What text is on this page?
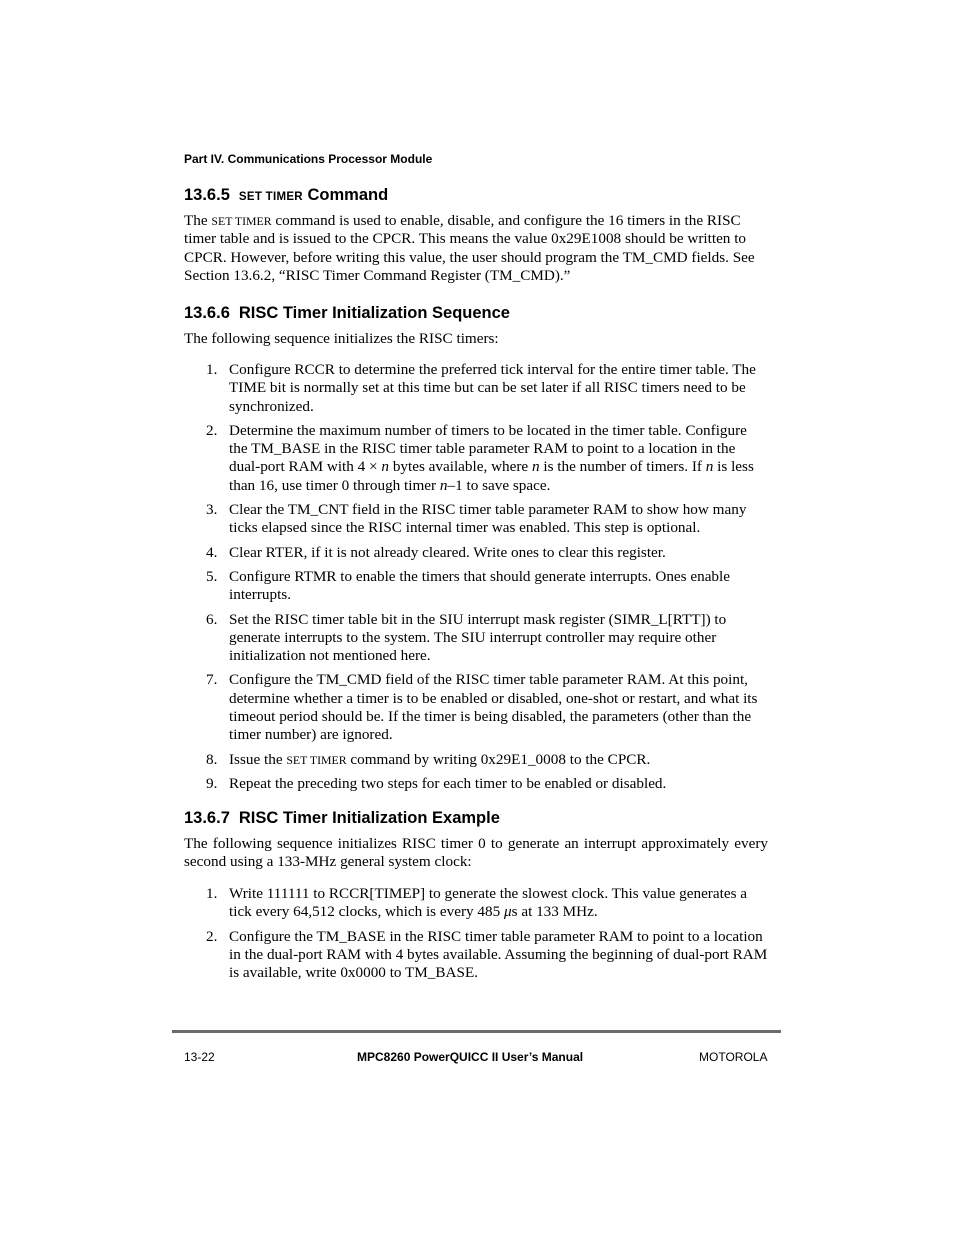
Part IV. Communications Processor Module
13.6.5 SET TIMER Command

The SET TIMER command is used to enable, disable, and configure the 16 timers in the RISC timer table and is issued to the CPCR. This means the value 0x29E1008 should be written to CPCR. However, before writing this value, the user should program the TM_CMD fields. See Section 13.6.2, “RISC Timer Command Register (TM_CMD).”

13.6.6 RISC Timer Initialization Sequence

The following sequence initializes the RISC timers:

1. Configure RCCR to determine the preferred tick interval for the entire timer table. The TIME bit is normally set at this time but can be set later if all RISC timers need to be synchronized.
2. Determine the maximum number of timers to be located in the timer table. Configure the TM_BASE in the RISC timer table parameter RAM to point to a location in the dual-port RAM with 4 × n bytes available, where n is the number of timers. If n is less than 16, use timer 0 through timer n–1 to save space.
3. Clear the TM_CNT field in the RISC timer table parameter RAM to show how many ticks elapsed since the RISC internal timer was enabled. This step is optional.
4. Clear RTER, if it is not already cleared. Write ones to clear this register.
5. Configure RTMR to enable the timers that should generate interrupts. Ones enable interrupts.
6. Set the RISC timer table bit in the SIU interrupt mask register (SIMR_L[RTT]) to generate interrupts to the system. The SIU interrupt controller may require other initialization not mentioned here.
7. Configure the TM_CMD field of the RISC timer table parameter RAM. At this point, determine whether a timer is to be enabled or disabled, one-shot or restart, and what its timeout period should be. If the timer is being disabled, the parameters (other than the timer number) are ignored.
8. Issue the SET TIMER command by writing 0x29E1_0008 to the CPCR.
9. Repeat the preceding two steps for each timer to be enabled or disabled.
13.6.7 RISC Timer Initialization Example

The following sequence initializes RISC timer 0 to generate an interrupt approximately every second using a 133-MHz general system clock:

1. Write 111111 to RCCR[TIMEP] to generate the slowest clock. This value generates a tick every 64,512 clocks, which is every 485 μs at 133 MHz.
2. Configure the TM_BASE in the RISC timer table parameter RAM to point to a location in the dual-port RAM with 4 bytes available. Assuming the beginning of dual-port RAM is available, write 0x0000 to TM_BASE.
13-22	MPC8260 PowerQUICC II User’s Manual	MOTOROLA
